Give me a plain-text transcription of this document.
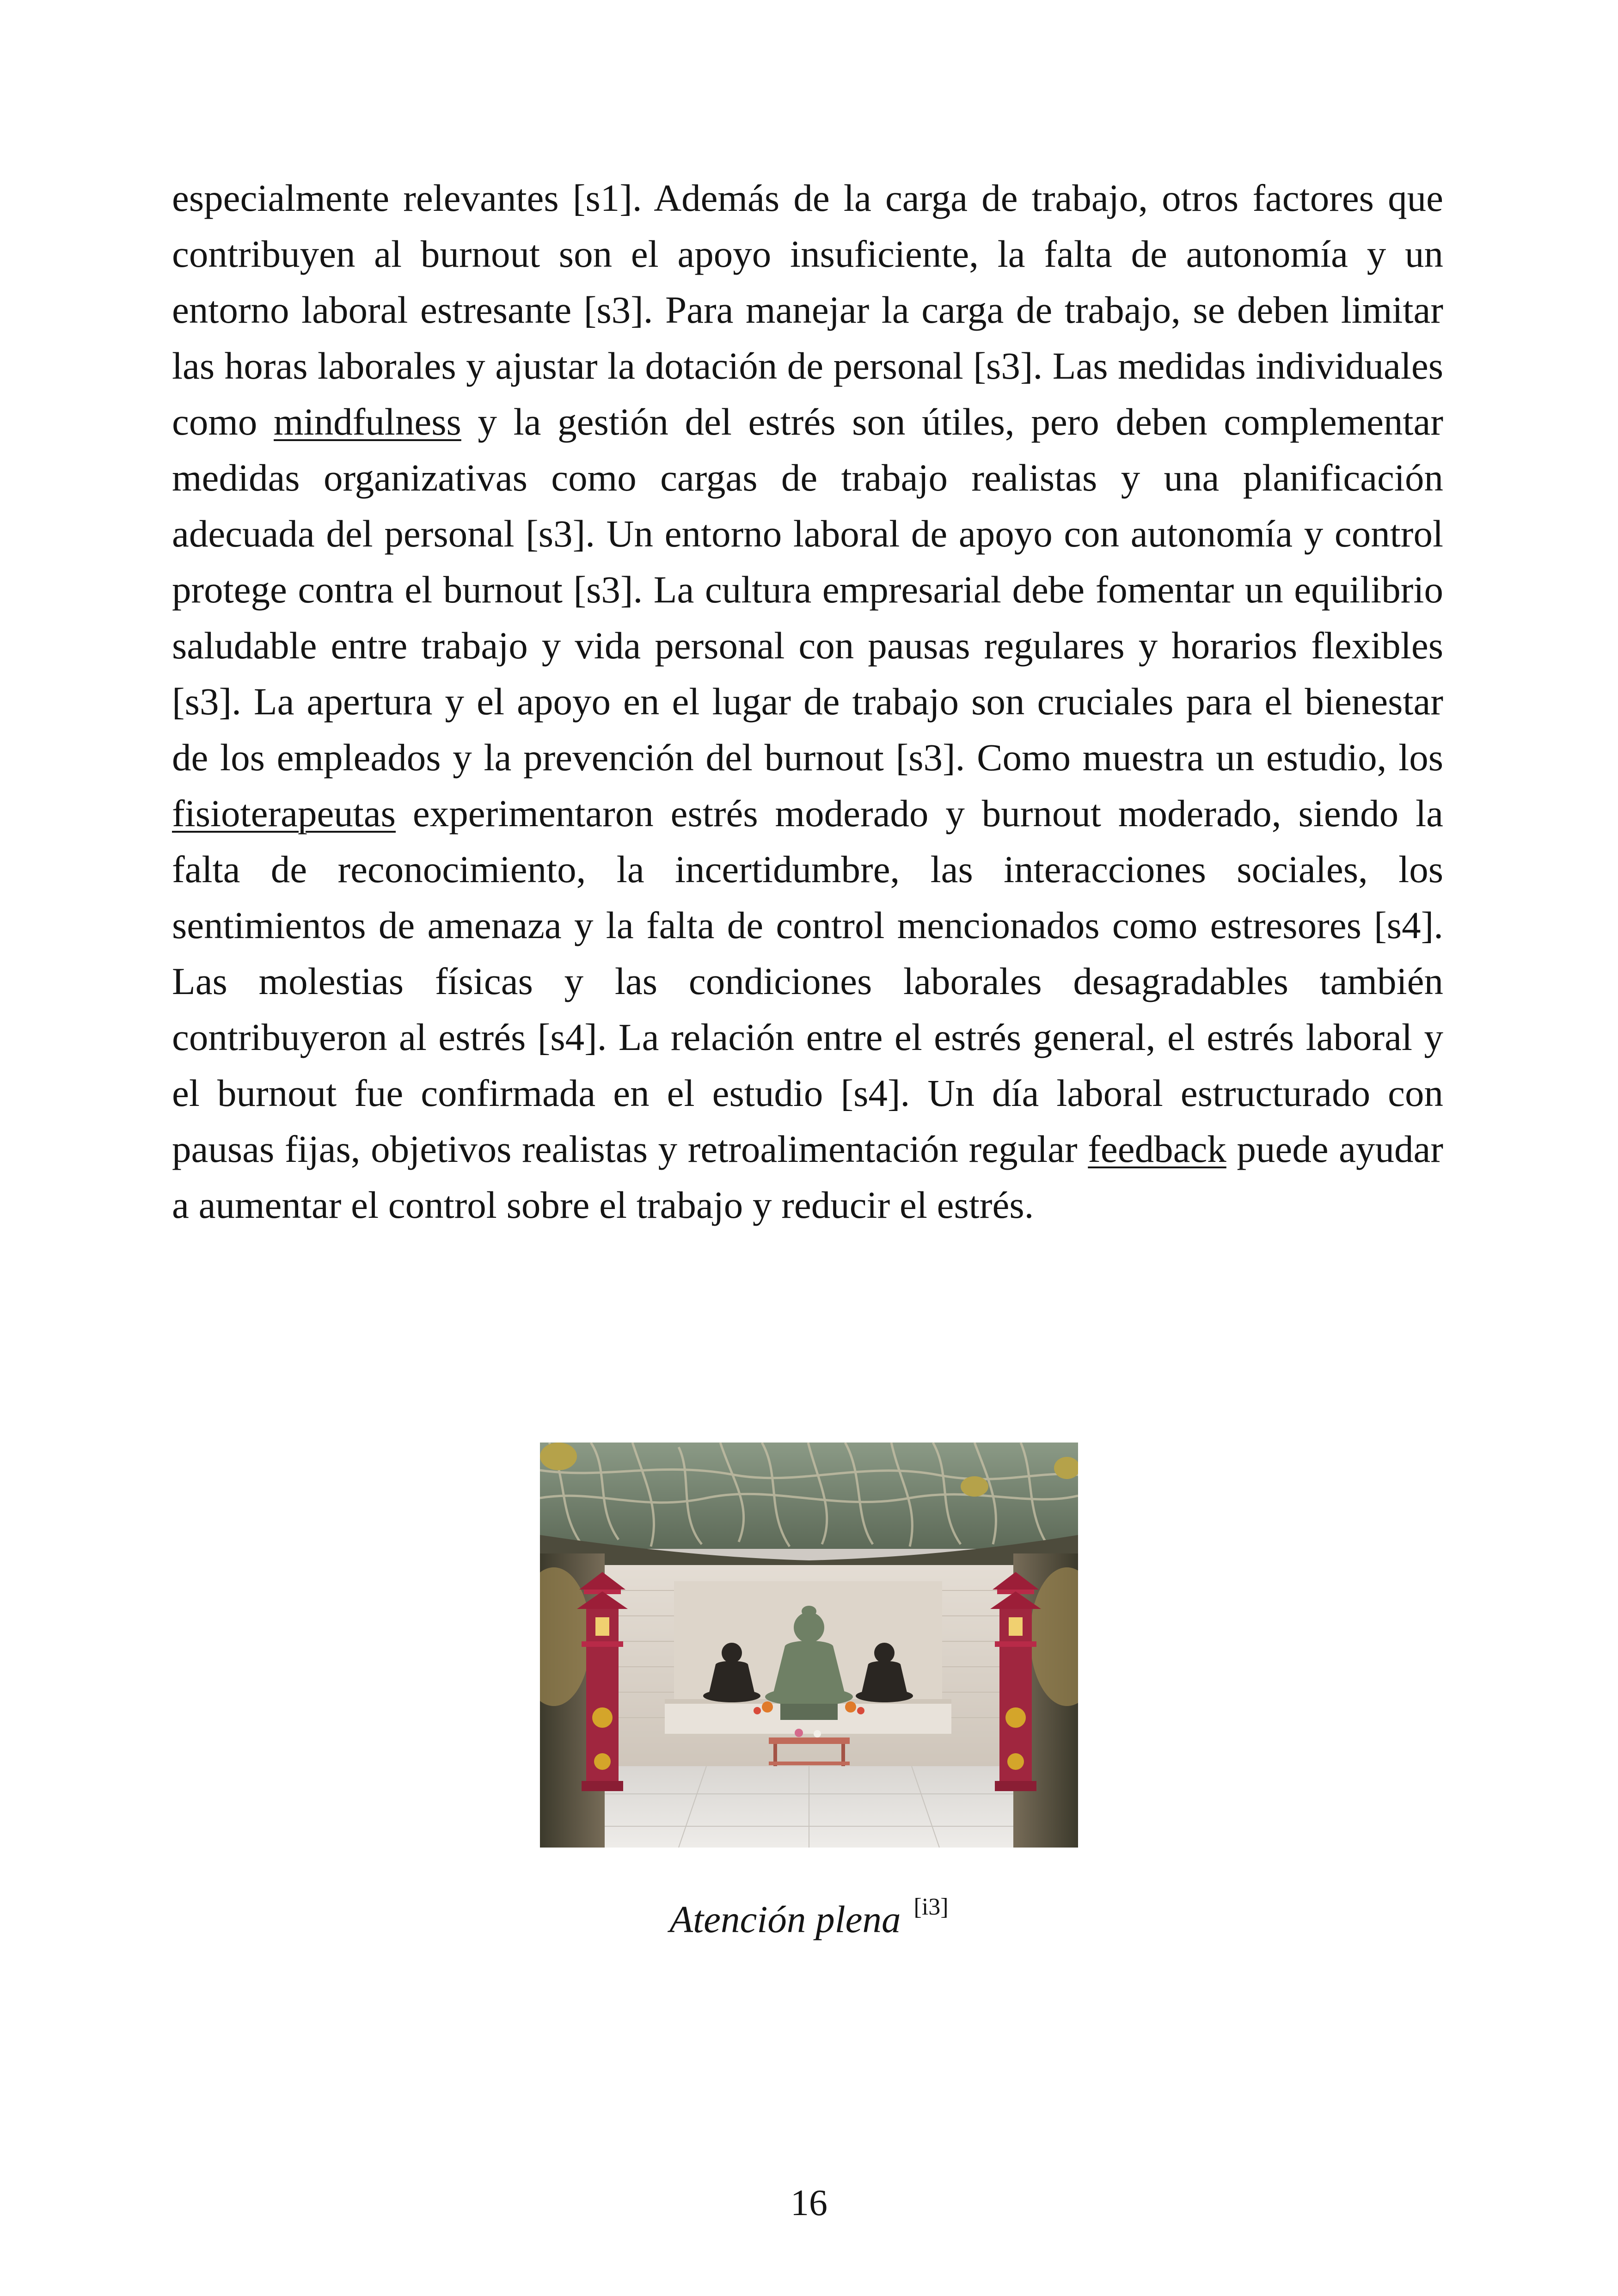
especialmente relevantes [s1]. Además de la carga de trabajo, otros factores que contribuyen al burnout son el apoyo insuficiente, la falta de autonomía y un entorno laboral estresante [s3]. Para manejar la carga de trabajo, se deben limitar las horas laborales y ajustar la dotación de personal [s3]. Las medidas individuales como mindfulness y la gestión del estrés son útiles, pero deben complementar medidas organizativas como cargas de trabajo realistas y una planificación adecuada del personal [s3]. Un entorno laboral de apoyo con autonomía y control protege contra el burnout [s3]. La cultura empresarial debe fomentar un equilibrio saludable entre trabajo y vida personal con pausas regulares y horarios flexibles [s3]. La apertura y el apoyo en el lugar de trabajo son cruciales para el bienestar de los empleados y la prevención del burnout [s3]. Como muestra un estudio, los fisioterapeutas experimentaron estrés moderado y burnout moderado, siendo la falta de reconocimiento, la incertidumbre, las interacciones sociales, los sentimientos de amenaza y la falta de control mencionados como estresores [s4]. Las molestias físicas y las condiciones laborales desagradables también contribuyeron al estrés [s4]. La relación entre el estrés general, el estrés laboral y el burnout fue confirmada en el estudio [s4]. Un día laboral estructurado con pausas fijas, objetivos realistas y retroalimentación regular feedback puede ayudar a aumentar el control sobre el trabajo y reducir el estrés.

Atención plena [i3]
16
